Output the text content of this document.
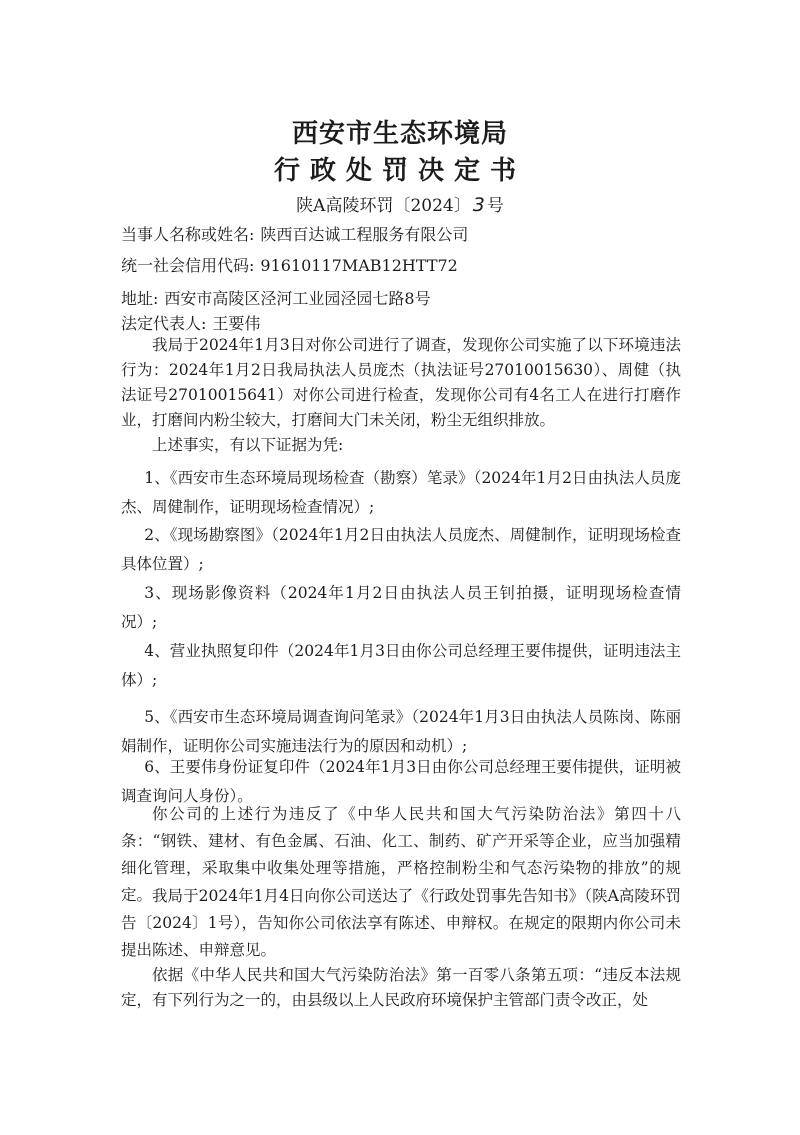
西安市生态环境局
行政处罚决定书
陕A高陵环罚〔2024〕 3 号
当事人名称或姓名: 陕西百达诚工程服务有限公司
统一社会信用代码: 91610117MAB12HTT72
地址: 西安市高陵区泾河工业园泾园七路8号
法定代表人: 王要伟

我局于2024年1月3日对你公司进行了调查，发现你公司实施了以下环境违法行为：2024年1月2日我局执法人员庞杰（执法证号27010015630）、周健（执法证号27010015641）对你公司进行检查，发现你公司有4名工人在进行打磨作业，打磨间内粉尘较大，打磨间大门未关闭，粉尘无组织排放。

上述事实，有以下证据为凭:

1、《西安市生态环境局现场检查（勘察）笔录》（2024年1月2日由执法人员庞杰、周健制作，证明现场检查情况）;

2、《现场勘察图》（2024年1月2日由执法人员庞杰、周健制作，证明现场检查具体位置）;

3、现场影像资料（2024年1月2日由执法人员王钊拍摄，证明现场检查情况）;

4、营业执照复印件（2024年1月3日由你公司总经理王要伟提供，证明违法主体）;

5、《西安市生态环境局调查询问笔录》（2024年1月3日由执法人员陈岗、陈丽娟制作，证明你公司实施违法行为的原因和动机）;

6、王要伟身份证复印件（2024年1月3日由你公司总经理王要伟提供，证明被调查询问人身份）。

你公司的上述行为违反了《中华人民共和国大气污染防治法》第四十八条：“钢铁、建材、有色金属、石油、化工、制药、矿产开采等企业，应当加强精细化管理，采取集中收集处理等措施，严格控制粉尘和气态污染物的排放”的规定。 我局于2024年1月4日向你公司送达了《行政处罚事先告知书》（陕A高陵环罚告〔2024〕1号），告知你公司依法享有陈述、申辩权。在规定的限期内你公司未提出陈述、申辩意见。

依据《中华人民共和国大气污染防治法》第一百零八条第五项：“违反本法规定，有下列行为之一的，由县级以上人民政府环境保护主管部门责令改正，处
